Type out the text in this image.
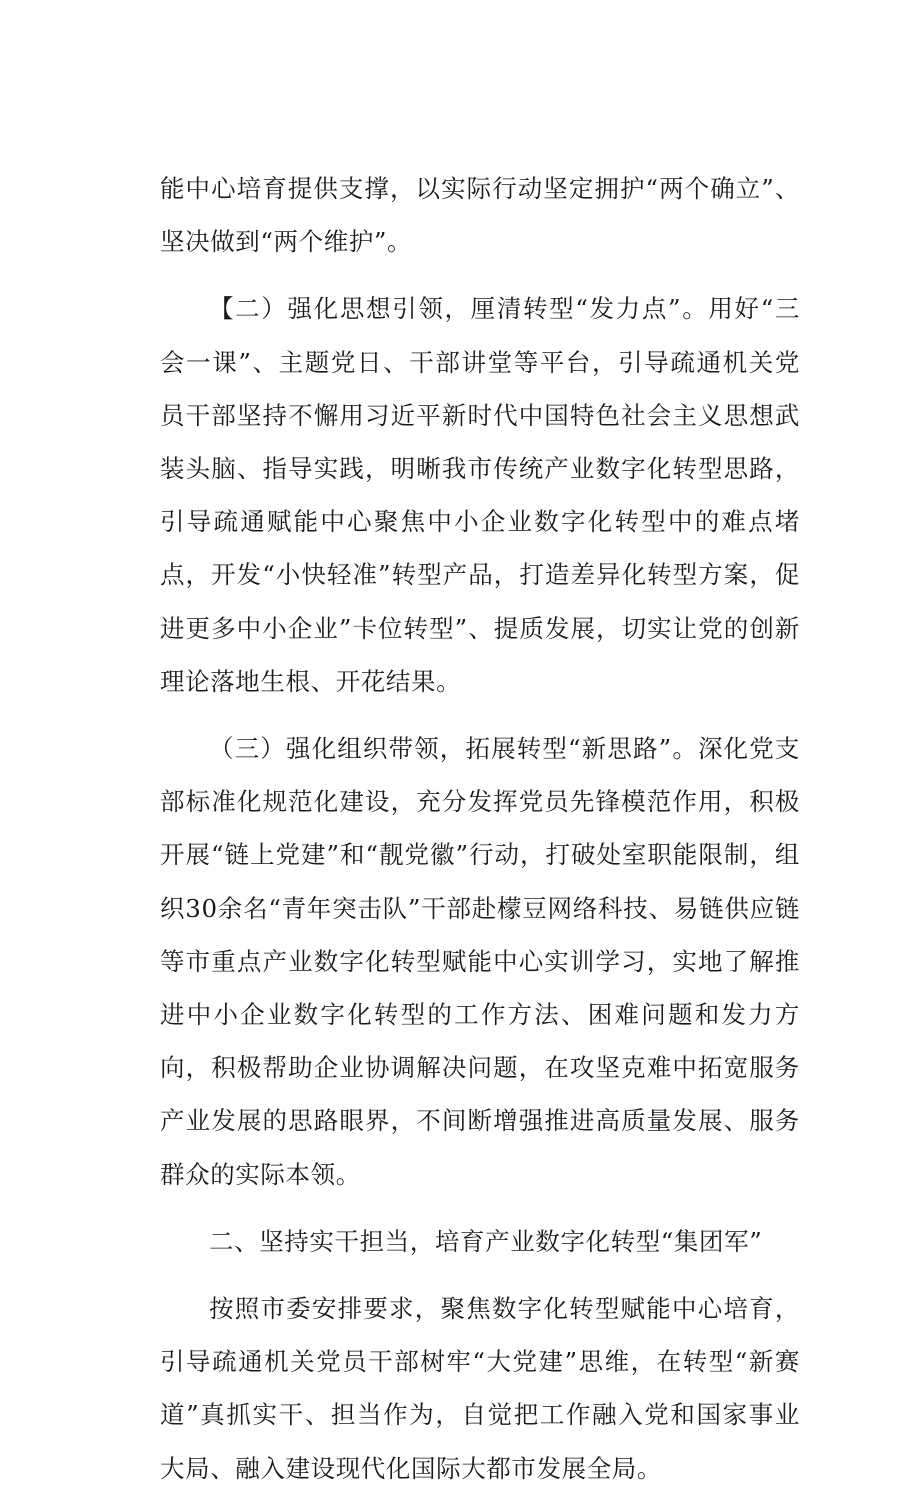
能中心培育提供支撑，以实际行动坚定拥护“两个确立”、坚决做到“两个维护”。

【二）强化思想引领，厘清转型“发力点”。用好“三会一课”、主题党日、干部讲堂等平台，引导疏通机关党员干部坚持不懈用习近平新时代中国特色社会主义思想武装头脑、指导实践，明晰我市传统产业数字化转型思路，引导疏通赋能中心聚焦中小企业数字化转型中的难点堵点，开发“小快轻准”转型产品，打造差异化转型方案，促进更多中小企业”卡位转型”、提质发展，切实让党的创新理论落地生根、开花结果。

（三）强化组织带领，拓展转型“新思路”。深化党支部标准化规范化建设，充分发挥党员先锋模范作用，积极开展“链上党建”和“靓党徽”行动，打破处室职能限制，组织30余名“青年突击队”干部赴檬豆网络科技、易链供应链等市重点产业数字化转型赋能中心实训学习，实地了解推进中小企业数字化转型的工作方法、困难问题和发力方向，积极帮助企业协调解决问题，在攻坚克难中拓宽服务产业发展的思路眼界，不间断增强推进高质量发展、服务群众的实际本领。

二、坚持实干担当，培育产业数字化转型“集团军”

按照市委安排要求，聚焦数字化转型赋能中心培育，引导疏通机关党员干部树牢“大党建”思维，在转型“新赛道”真抓实干、担当作为，自觉把工作融入党和国家事业大局、融入建设现代化国际大都市发展全局。
